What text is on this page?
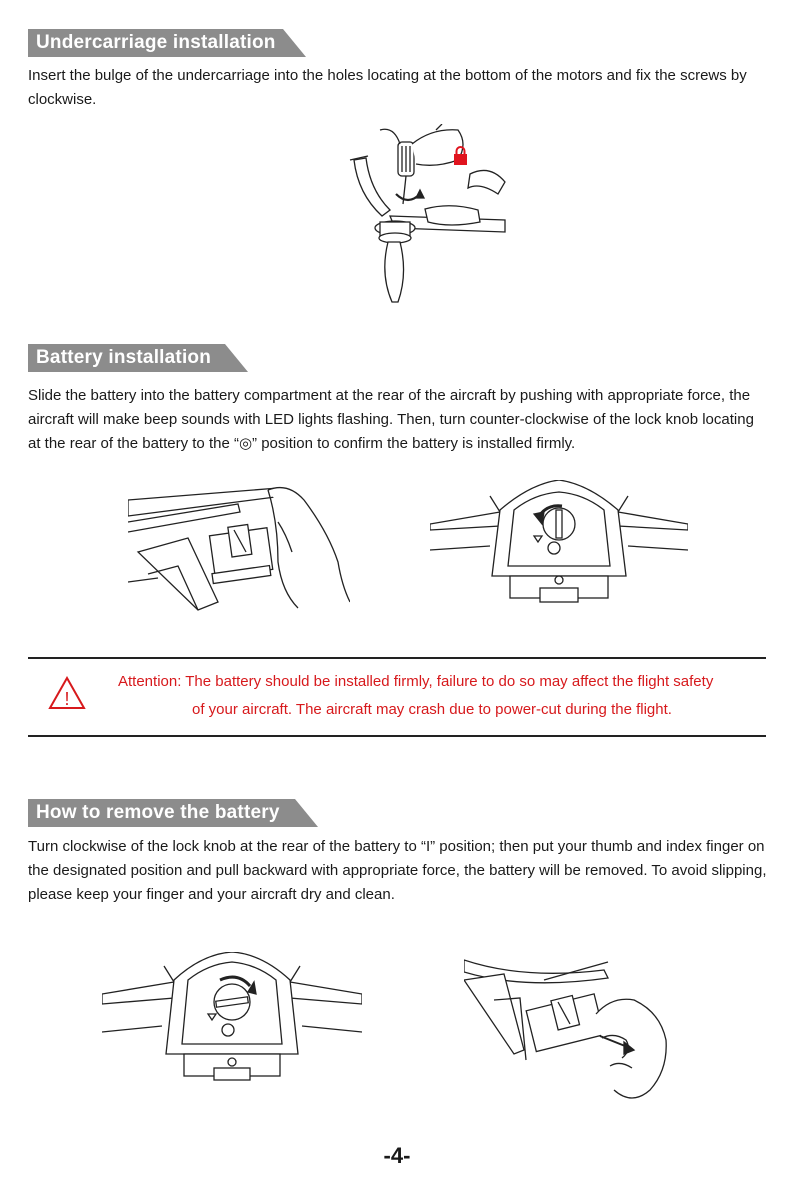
Undercarriage installation

Insert the bulge of the undercarriage into the holes locating at the bottom of the motors and fix the screws by clockwise.

Battery installation

Slide the battery into the battery compartment at the rear of the aircraft by pushing with appropriate force, the aircraft will make beep sounds with LED lights flashing. Then, turn counter-clockwise of the lock knob locating at the rear of the battery to the “◎” position to confirm the battery is installed firmly.

!
Attention: The battery should be installed firmly, failure to do so may affect the flight safety
of your aircraft. The aircraft may crash due to power-cut during the flight.
How to remove the battery

Turn clockwise of the lock knob at the rear of the battery to “I” position; then put your thumb and index finger on the designated position and pull backward with appropriate force, the battery will be removed. To avoid slipping, please keep your finger and your aircraft dry and clean.

-4-
